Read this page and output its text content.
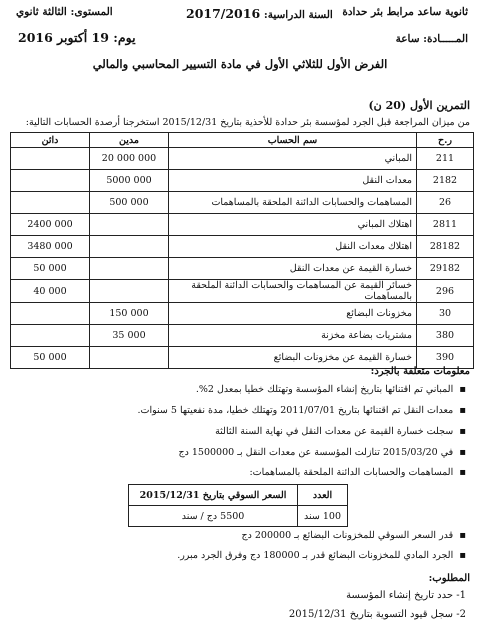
ثانوية ساعد مرابط بئر حدادة
السنة الدراسية: 2017/2016
المستوى: الثالثة ثانوي
المـــــادة: ساعة
يوم: 19 أكتوبر 2016
الفرض الأول للثلاثي الأول في مادة التسيير المحاسبي والمالي
التمرين الأول (20 ن)
من ميزان المراجعة قبل الجرد لمؤسسة بئر حدادة للأحذية بتاريخ 2015/12/31 استخرجنا أرصدة الحسابات التالية:
ر.ح	سم الحساب	مدين	دائن
211	المباني	20 000 000	
2182	معدات النقل	5000 000	
26	المساهمات والحسابات الدائنة الملحقة بالمساهمات	500 000	
2811	اهتلاك المباني		2400 000
28182	اهتلاك معدات النقل		3480 000
29182	خسارة القيمة عن معدات النقل		50 000
296	خسائر القيمة عن المساهمات والحسابات الدائنة الملحقة بالمساهمات		40 000
30	مخزونات البضائع	150 000	
380	مشتريات بضاعة مخزنة	35 000	
390	خسارة القيمة عن مخزونات البضائع		50 000
معلومات متعلقة بالجرد:
▪ المباني تم اقتنائها بتاريخ إنشاء المؤسسة وتهتلك خطيا بمعدل 2%.
▪ معدات النقل تم اقتنائها بتاريخ 2011/07/01 وتهتلك خطيا، مدة نفعيتها 5 سنوات.
▪ سجلت خسارة القيمة عن معدات النقل في نهاية السنة الثالثة
▪ في 2015/03/20 تنازلت المؤسسة عن معدات النقل بـ 1500000 دج
▪ المساهمات والحسابات الدائنة الملحقة بالمساهمات:
العدد	السعر السوقي بتاريخ 2015/12/31
100 سند	5500 دج / سند
▪ قدر السعر السوقي للمخزونات البضائع بـ 200000 دج
▪ الجرد المادي للمخزونات البضائع قدر بـ 180000 دج وفرق الجرد مبرر.
المطلوب:
1- حدد تاريخ إنشاء المؤسسة
2- سجل قيود التسوية بتاريخ 2015/12/31
